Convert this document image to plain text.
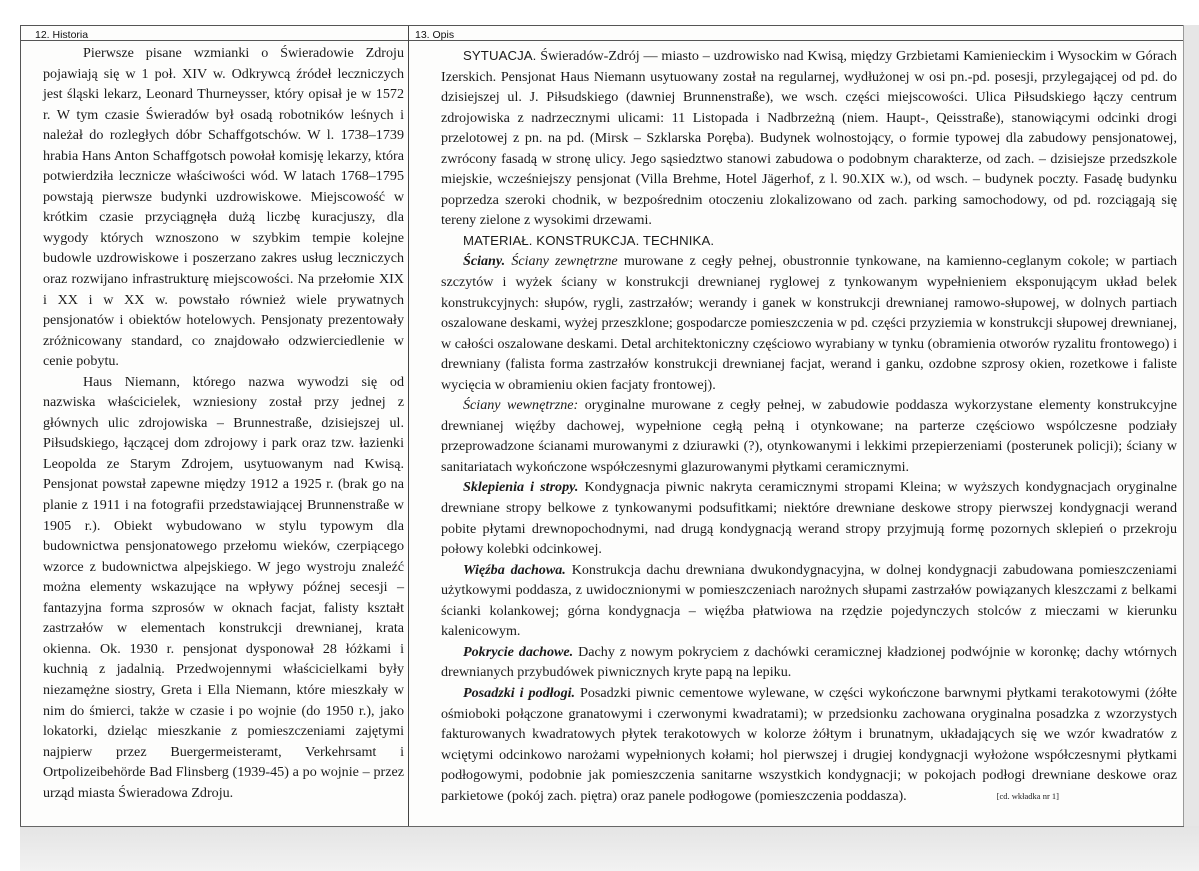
12. Historia

Pierwsze pisane wzmianki o Świeradowie Zdroju pojawiają się w 1 poł. XIV w. Odkrywcą źródeł leczniczych jest śląski lekarz, Leonard Thurneysser, który opisał je w 1572 r. W tym czasie Świeradów był osadą robotników leśnych i należał do rozległych dóbr Schaffgotschów. W l. 1738–1739 hrabia Hans Anton Schaffgotsch powołał komisję lekarzy, która potwierdziła lecznicze właściwości wód. W latach 1768–1795 powstają pierwsze budynki uzdrowiskowe. Miejscowość w krótkim czasie przyciągnęła dużą liczbę kuracjuszy, dla wygody których wznoszono w szybkim tempie kolejne budowle uzdrowiskowe i poszerzano zakres usług leczniczych oraz rozwijano infrastrukturę miejscowości. Na przełomie XIX i XX i w XX w. powstało również wiele prywatnych pensjonatów i obiektów hotelowych. Pensjonaty prezentowały zróżnicowany standard, co znajdowało odzwierciedlenie w cenie pobytu.

Haus Niemann, którego nazwa wywodzi się od nazwiska właścicielek, wzniesiony został przy jednej z głównych ulic zdrojowiska – Brunnestraße, dzisiejszej ul. Piłsudskiego, łączącej dom zdrojowy i park oraz tzw. łazienki Leopolda ze Starym Zdrojem, usytuowanym nad Kwisą. Pensjonat powstał zapewne między 1912 a 1925 r. (brak go na planie z 1911 i na fotografii przedstawiającej Brunnenstraße w 1905 r.). Obiekt wybudowano w stylu typowym dla budownictwa pensjonatowego przełomu wieków, czerpiącego wzorce z budownictwa alpejskiego. W jego wystroju znaleźć można elementy wskazujące na wpływy późnej secesji – fantazyjna forma szprosów w oknach facjat, falisty kształt zastrzałów w elementach konstrukcji drewnianej, krata okienna. Ok. 1930 r. pensjonat dysponował 28 łóżkami i kuchnią z jadalnią. Przedwojennymi właścicielkami były niezamężne siostry, Greta i Ella Niemann, które mieszkały w nim do śmierci, także w czasie i po wojnie (do 1950 r.), jako lokatorki, dzieląc mieszkanie z pomieszczeniami zajętymi najpierw przez Buergermeisteramt, Verkehrsamt i Ortpolizeibehörde Bad Flinsberg (1939-45) a po wojnie – przez urząd miasta Świeradowa Zdroju.

13. Opis

SYTUACJA. Świeradów-Zdrój — miasto – uzdrowisko nad Kwisą, między Grzbietami Kamienieckim i Wysockim w Górach Izerskich. Pensjonat Haus Niemann usytuowany został na regularnej, wydłużonej w osi pn.-pd. posesji, przylegającej od pd. do dzisiejszej ul. J. Piłsudskiego (dawniej Brunnenstraße), we wsch. części miejscowości. Ulica Piłsudskiego łączy centrum zdrojowiska z nadrzecznymi ulicami: 11 Listopada i Nadbrzeżną (niem. Haupt-, Qeisstraße), stanowiącymi odcinki drogi przelotowej z pn. na pd. (Mirsk – Szklarska Poręba). Budynek wolnostojący, o formie typowej dla zabudowy pensjonatowej, zwrócony fasadą w stronę ulicy. Jego sąsiedztwo stanowi zabudowa o podobnym charakterze, od zach. – dzisiejsze przedszkole miejskie, wcześniejszy pensjonat (Villa Brehme, Hotel Jägerhof, z l. 90.XIX w.), od wsch. – budynek poczty. Fasadę budynku poprzedza szeroki chodnik, w bezpośrednim otoczeniu zlokalizowano od zach. parking samochodowy, od pd. rozciągają się tereny zielone z wysokimi drzewami.

MATERIAŁ. KONSTRUKCJA. TECHNIKA.

Ściany. Ściany zewnętrzne murowane z cegły pełnej, obustronnie tynkowane, na kamienno-ceglanym cokole; w partiach szczytów i wyżek ściany w konstrukcji drewnianej ryglowej z tynkowanym wypełnieniem eksponującym układ belek konstrukcyjnych: słupów, rygli, zastrzałów; werandy i ganek w konstrukcji drewnianej ramowo-słupowej, w dolnych partiach oszalowane deskami, wyżej przeszklone; gospodarcze pomieszczenia w pd. części przyziemia w konstrukcji słupowej drewnianej, w całości oszalowane deskami. Detal architektoniczny częściowo wyrabiany w tynku (obramienia otworów ryzalitu frontowego) i drewniany (falista forma zastrzałów konstrukcji drewnianej facjat, werand i ganku, ozdobne szprosy okien, rozetkowe i faliste wycięcia w obramieniu okien facjaty frontowej).

Ściany wewnętrzne: oryginalne murowane z cegły pełnej, w zabudowie poddasza wykorzystane elementy konstrukcyjne drewnianej więźby dachowej, wypełnione cegłą pełną i otynkowane; na parterze częściowo wspólczesne podziały przeprowadzone ścianami murowanymi z dziurawki (?), otynkowanymi i lekkimi przepierzeniami (posterunek policji); ściany w sanitariatach wykończone współczesnymi glazurowanymi płytkami ceramicznymi.

Sklepienia i stropy. Kondygnacja piwnic nakryta ceramicznymi stropami Kleina; w wyższych kondygnacjach oryginalne drewniane stropy belkowe z tynkowanymi podsufitkami; niektóre drewniane deskowe stropy pierwszej kondygnacji werand pobite płytami drewnopochodnymi, nad drugą kondygnacją werand stropy przyjmują formę pozornych sklepień o przekroju połowy kolebki odcinkowej.

Więźba dachowa. Konstrukcja dachu drewniana dwukondygnacyjna, w dolnej kondygnacji zabudowana pomieszczeniami użytkowymi poddasza, z uwidocznionymi w pomieszczeniach narożnych słupami zastrzałów powiązanych kleszczami z belkami ścianki kolankowej; górna kondygnacja – więźba płatwiowa na rzędzie pojedynczych stolców z mieczami w kierunku kalenicowym.

Pokrycie dachowe. Dachy z nowym pokryciem z dachówki ceramicznej kładzionej podwójnie w koronkę; dachy wtórnych drewnianych przybudówek piwnicznych kryte papą na lepiku.

Posadzki i podłogi. Posadzki piwnic cementowe wylewane, w części wykończone barwnymi płytkami terakotowymi (żółte ośmioboki połączone granatowymi i czerwonymi kwadratami); w przedsionku zachowana oryginalna posadzka z wzorzystych fakturowanych kwadratowych płytek terakotowych w kolorze żółtym i brunatnym, układających się we wzór kwadratów z wciętymi odcinkowo narożami wypełnionych kołami; hol pierwszej i drugiej kondygnacji wyłożone współczesnymi płytkami podłogowymi, podobnie jak pomieszczenia sanitarne wszystkich kondygnacji; w pokojach podłogi drewniane deskowe oraz parkietowe (pokój zach. piętra) oraz panele podłogowe (pomieszczenia poddasza).	[cd. wkładka nr 1]
